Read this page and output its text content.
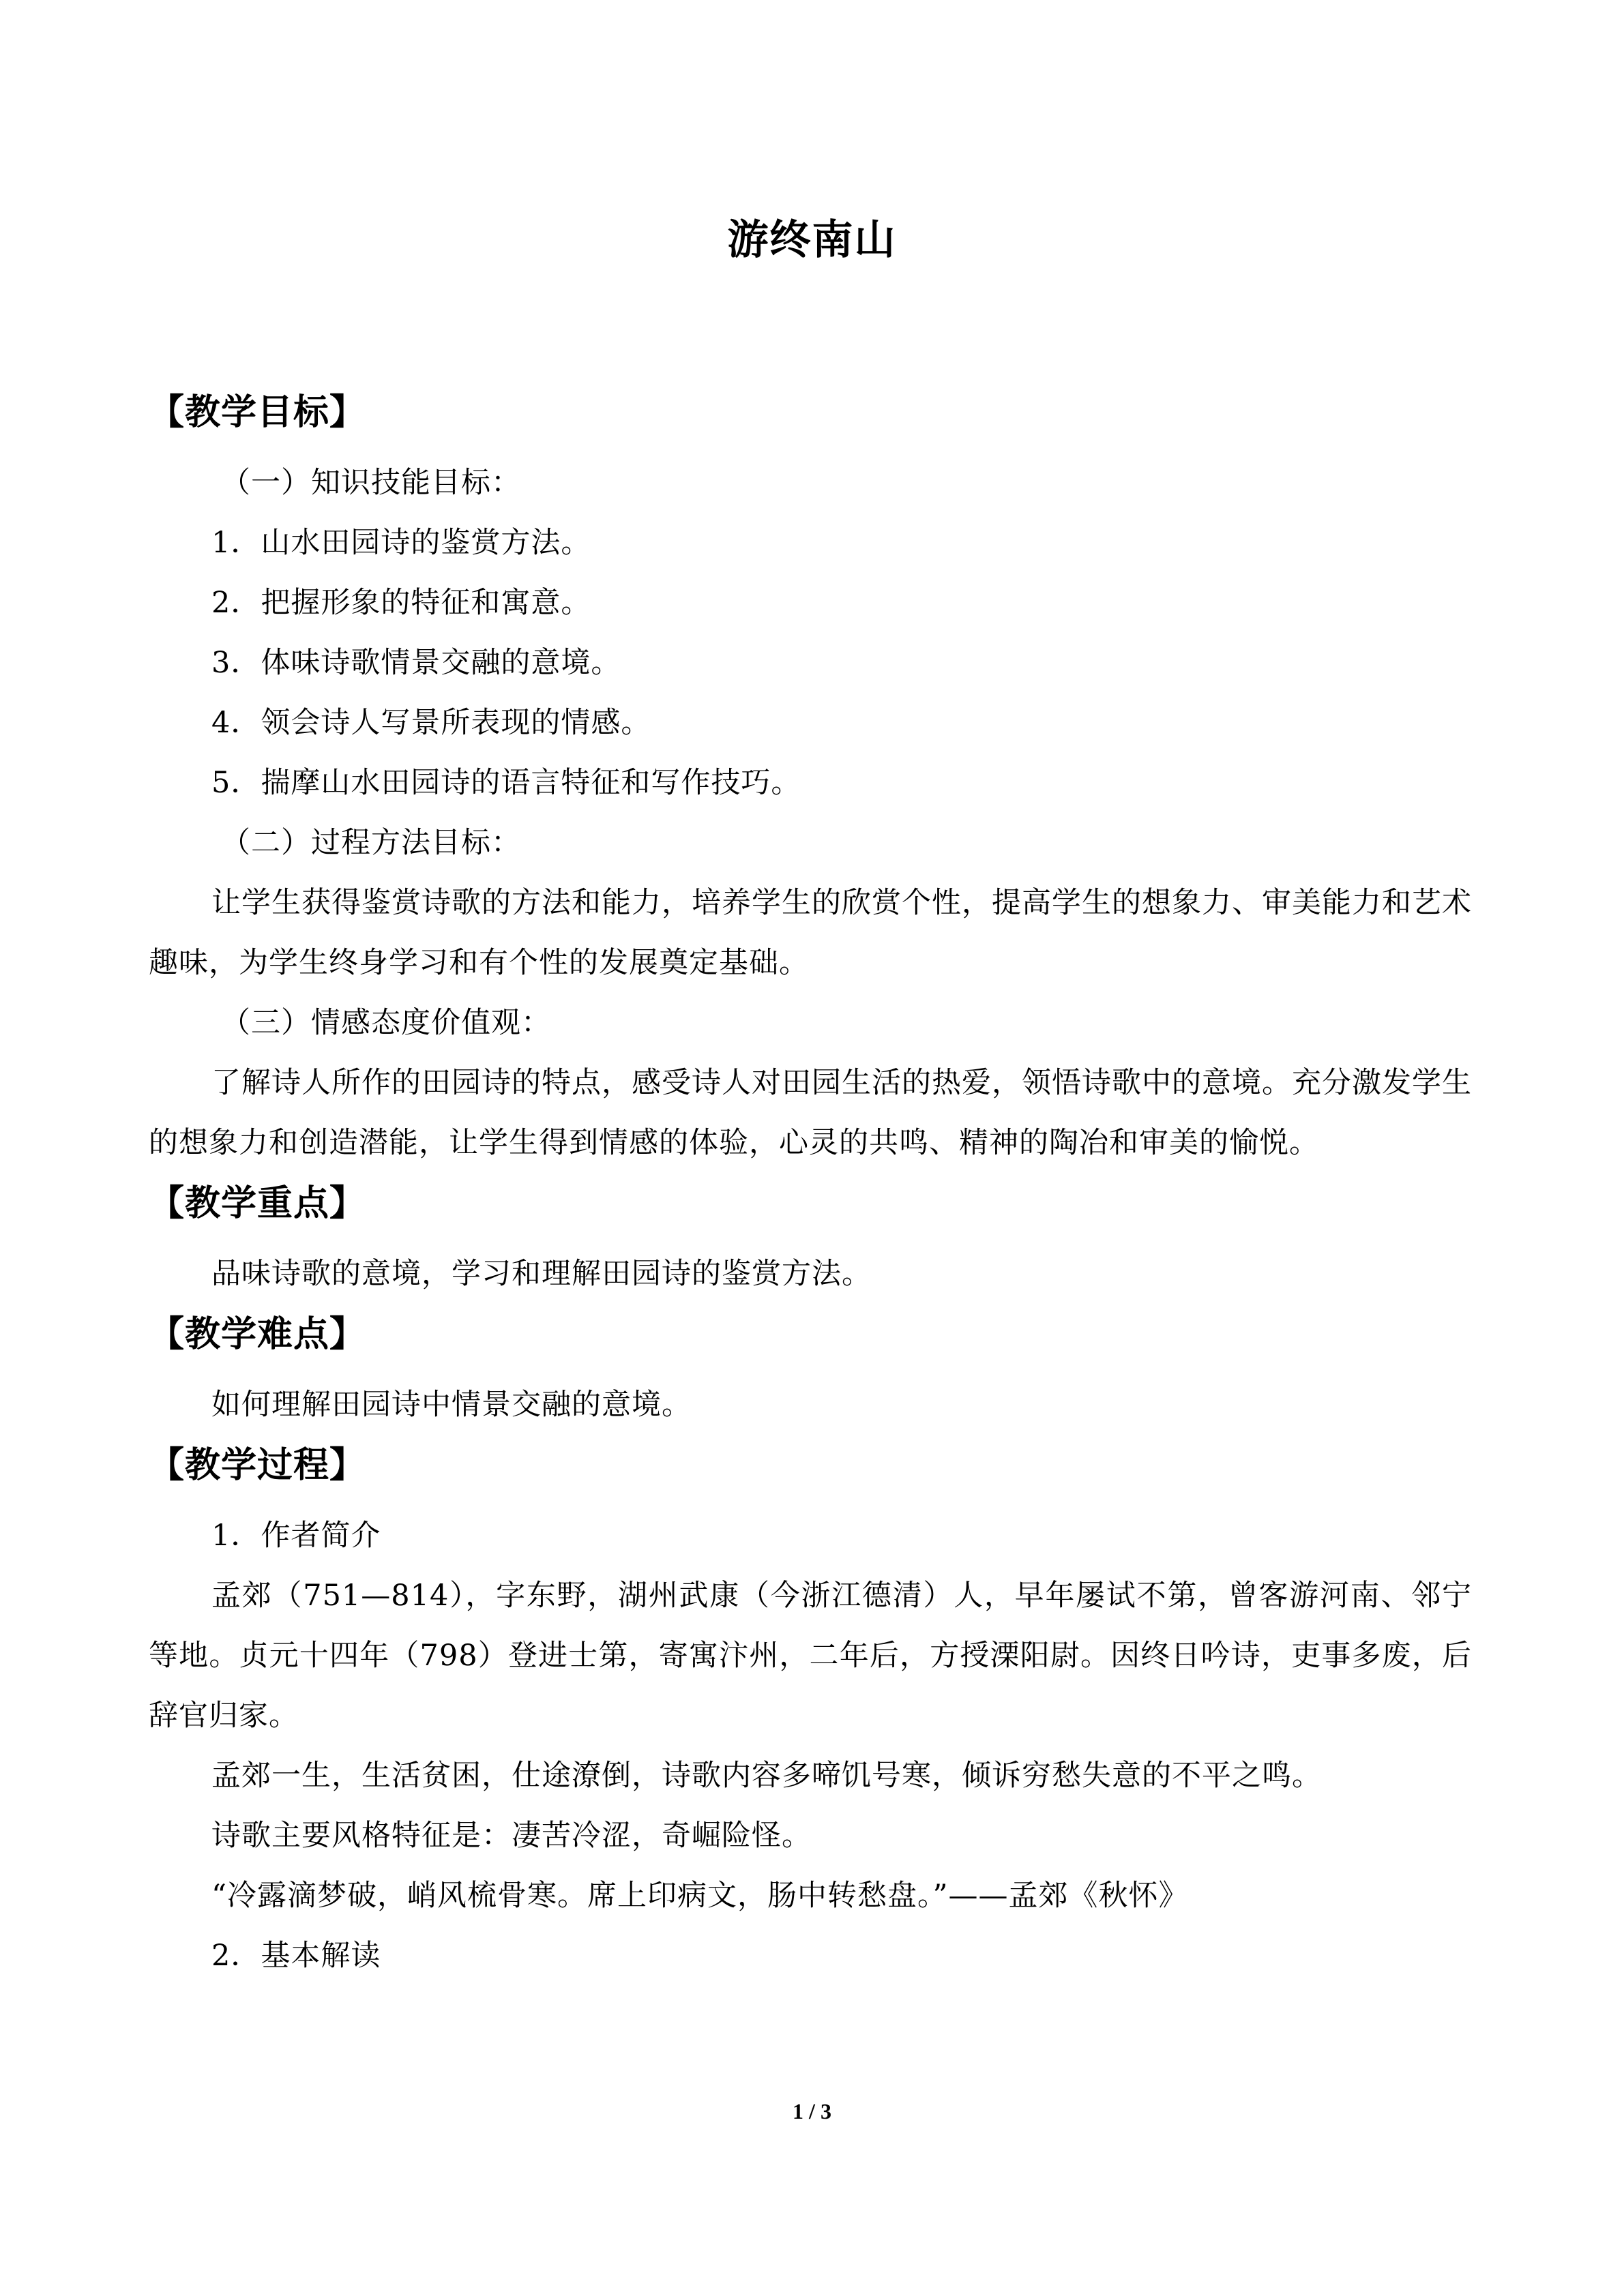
游终南山
【教学目标】

（一）知识技能目标：

1．山水田园诗的鉴赏方法。

2．把握形象的特征和寓意。

3．体味诗歌情景交融的意境。

4．领会诗人写景所表现的情感。

5．揣摩山水田园诗的语言特征和写作技巧。

（二）过程方法目标：

让学生获得鉴赏诗歌的方法和能力，培养学生的欣赏个性，提高学生的想象力、审美能力和艺术趣味，为学生终身学习和有个性的发展奠定基础。

（三）情感态度价值观：

了解诗人所作的田园诗的特点，感受诗人对田园生活的热爱，领悟诗歌中的意境。充分激发学生的想象力和创造潜能，让学生得到情感的体验，心灵的共鸣、精神的陶冶和审美的愉悦。

【教学重点】

品味诗歌的意境，学习和理解田园诗的鉴赏方法。

【教学难点】

如何理解田园诗中情景交融的意境。

【教学过程】

1．作者简介

孟郊（751—814），字东野，湖州武康（今浙江德清）人，早年屡试不第，曾客游河南、邻宁等地。贞元十四年（798）登进士第，寄寓汴州，二年后，方授溧阳尉。因终日吟诗，吏事多废，后辞官归家。

孟郊一生，生活贫困，仕途潦倒，诗歌内容多啼饥号寒，倾诉穷愁失意的不平之鸣。

诗歌主要风格特征是：凄苦冷涩，奇崛险怪。

“冷露滴梦破，峭风梳骨寒。席上印病文，肠中转愁盘。”——孟郊《秋怀》

2．基本解读

1 / 3
